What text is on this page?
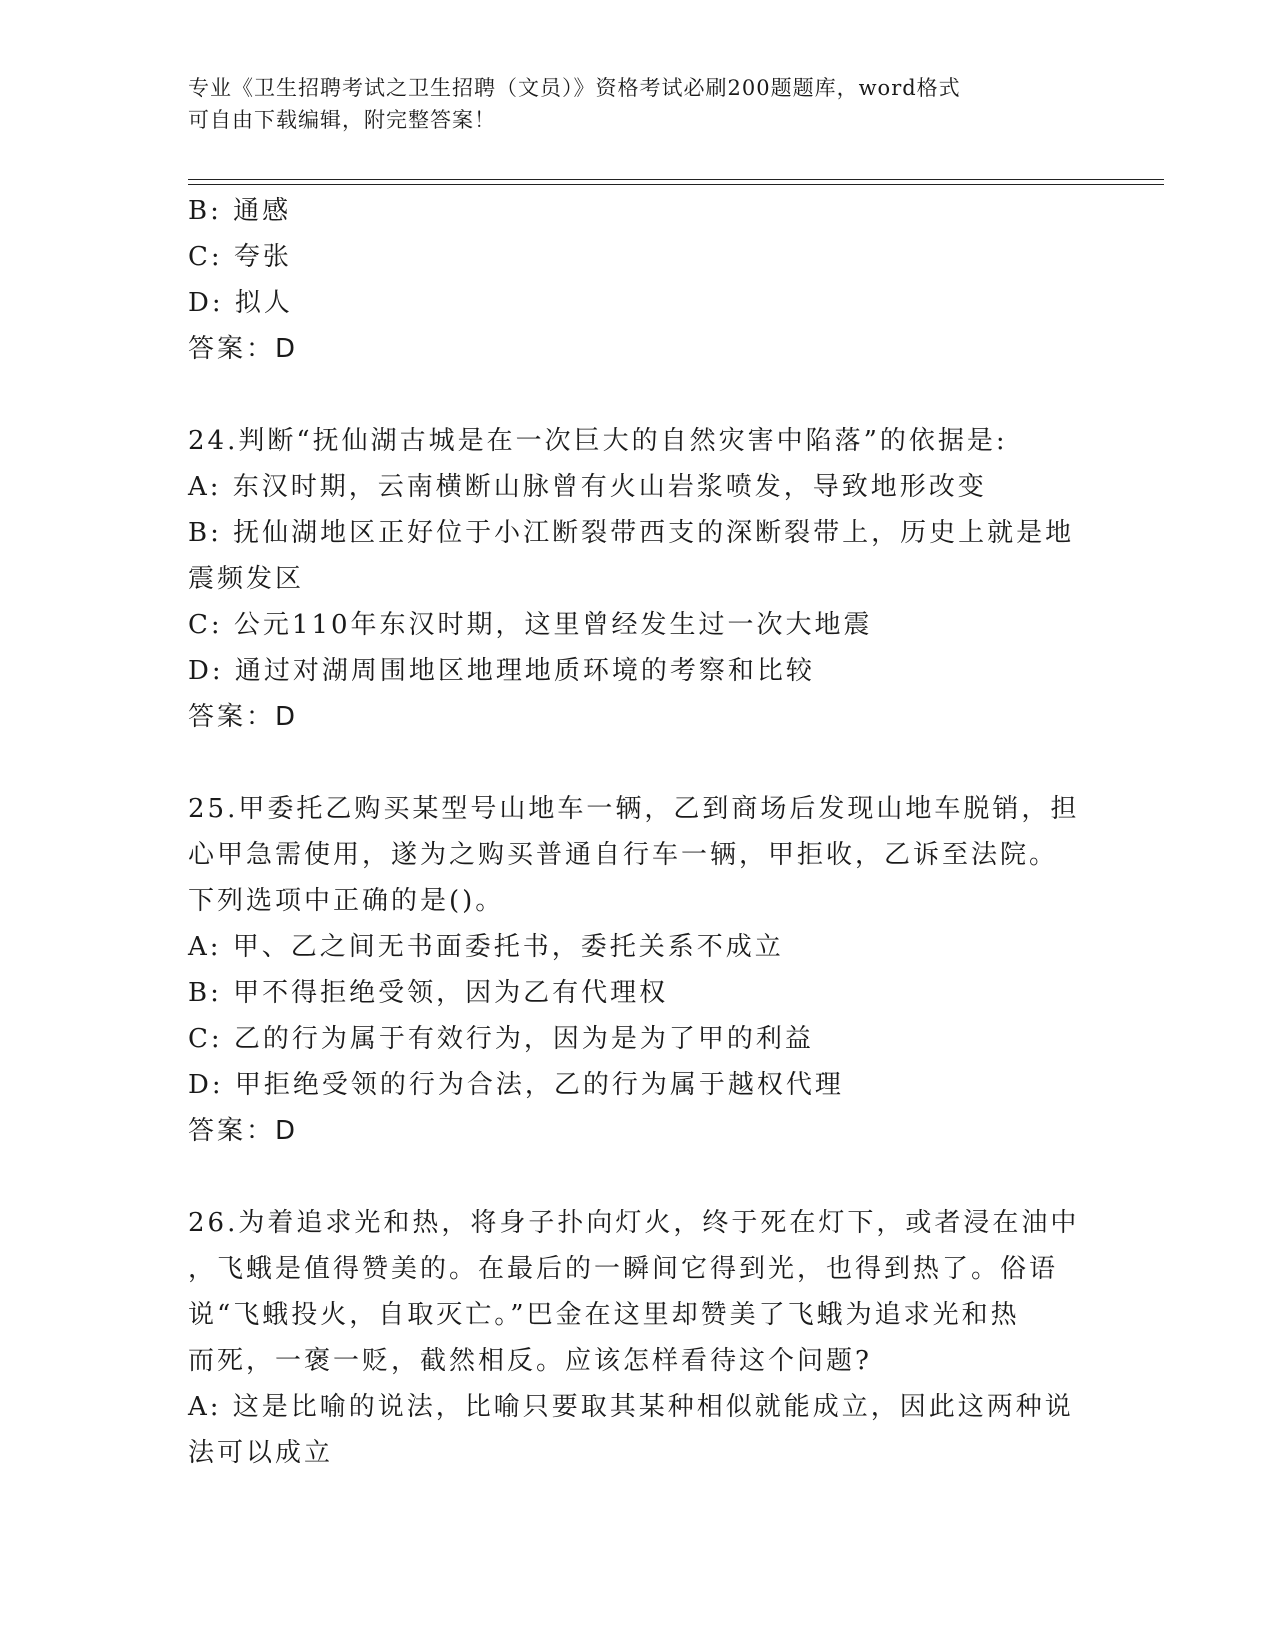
专业《卫生招聘考试之卫生招聘（文员）》资格考试必刷200题题库，word格式
可自由下载编辑，附完整答案！
B: 通感
C: 夸张
D: 拟人
答案：D
24.判断“抚仙湖古城是在一次巨大的自然灾害中陷落”的依据是:
A: 东汉时期，云南横断山脉曾有火山岩浆喷发，导致地形改变
B: 抚仙湖地区正好位于小江断裂带西支的深断裂带上，历史上就是地
震频发区
C: 公元110年东汉时期，这里曾经发生过一次大地震
D: 通过对湖周围地区地理地质环境的考察和比较
答案：D
25.甲委托乙购买某型号山地车一辆，乙到商场后发现山地车脱销，担
心甲急需使用，遂为之购买普通自行车一辆，甲拒收，乙诉至法院。
下列选项中正确的是()。
A: 甲、乙之间无书面委托书，委托关系不成立
B: 甲不得拒绝受领，因为乙有代理权
C: 乙的行为属于有效行为，因为是为了甲的利益
D: 甲拒绝受领的行为合法，乙的行为属于越权代理
答案：D
26.为着追求光和热，将身子扑向灯火，终于死在灯下，或者浸在油中
，飞蛾是值得赞美的。在最后的一瞬间它得到光，也得到热了。俗语
说“飞蛾投火，自取灭亡。”巴金在这里却赞美了飞蛾为追求光和热
而死，一褒一贬，截然相反。应该怎样看待这个问题?
A: 这是比喻的说法，比喻只要取其某种相似就能成立，因此这两种说
法可以成立
